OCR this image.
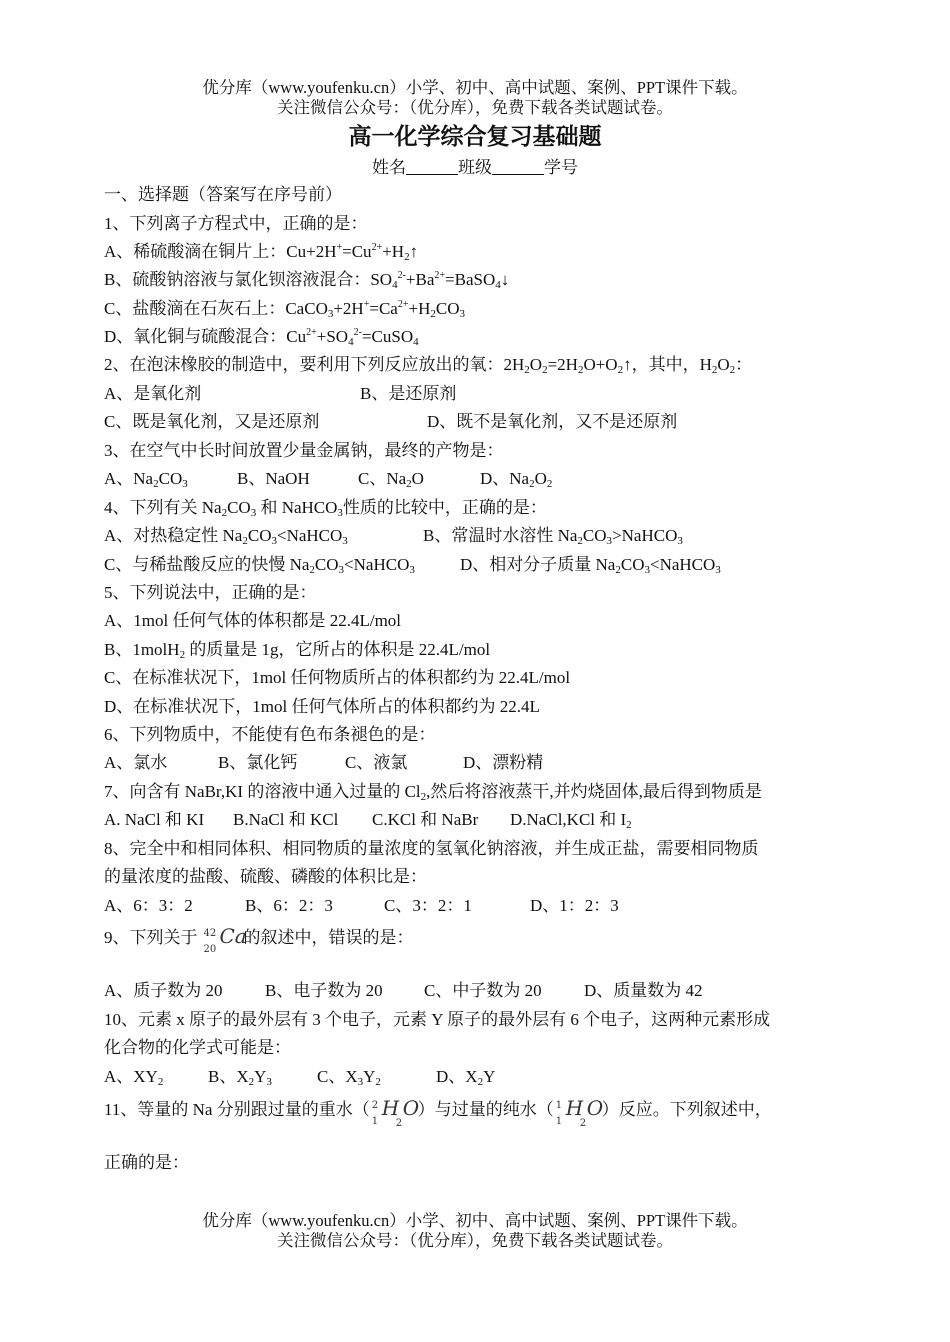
优分库（www.youfenku.cn）小学、初中、高中试题、案例、PPT课件下载。
关注微信公众号：（优分库），免费下载各类试题试卷。
高一化学综合复习基础题
姓名	班级	学号
一、选择题（答案写在序号前）
1、下列离子方程式中，正确的是：
A、稀硫酸滴在铜片上：$Cu+2H^+=Cu^{2+}+H_2↑$
B、硫酸钠溶液与氯化钡溶液混合：$SO_4^{2-}+Ba^{2+}=BaSO_4↓$
C、盐酸滴在石灰石上：$CaCO_3+2H^+=Ca^{2+}+H_2CO_3$
D、氧化铜与硫酸混合：$Cu^{2+}+SO_4^{2-}=CuSO_4$
2、在泡沫橡胶的制造中，要利用下列反应放出的氧：$2H_2O_2=2H_2O+O_2↑$，其中，$H_2O_2$：
A、是氧化剂	B、是还原剂
C、既是氧化剂，又是还原剂	D、既不是氧化剂，又不是还原剂
3、在空气中长时间放置少量金属钠，最终的产物是：
A、$Na_2CO_3$	B、NaOH	C、$Na_2O$	D、$Na_2O_2$
4、下列有关 $Na_2CO_3$ 和 NaHCO$_3$性质的比较中，正确的是：
A、对热稳定性 $Na_2CO_3<NaHCO_3$	B、常温时水溶性 $Na_2CO_3>NaHCO_3$
C、与稀盐酸反应的快慢 $Na_2CO_3<NaHCO_3$	D、相对分子质量 $Na_2CO_3<NaHCO_3$
5、下列说法中，正确的是：
A、1mol 任何气体的体积都是 22.4L/mol
B、1molH$_2$ 的质量是 1g，它所占的体积是 22.4L/mol
C、在标准状况下，1mol 任何物质所占的体积都约为 22.4L/mol
D、在标准状况下，1mol 任何气体所占的体积都约为 22.4L
6、下列物质中，不能使有色布条褪色的是：
A、氯水	B、氯化钙	C、液氯	D、漂粉精
7、向含有 NaBr,KI 的溶液中通入过量的 $Cl_2$,然后将溶液蒸干,并灼烧固体,最后得到物质是
A. NaCl 和 KI B.NaCl 和 KCl C.KCl 和 NaBr D.NaCl,KCl 和 $I_2$
8、完全中和相同体积、相同物质的量浓度的氢氧化钠溶液，并生成正盐，需要相同物质
的量浓度的盐酸、硫酸、磷酸的体积比是：
A、6：3：2	B、6：2：3	C、3：2：1	D、1：2：3
9、下列关于 42
20
Ca
的叙述中，错误的是：
A、质子数为 20 B、电子数为 20 C、中子数为 20 D、质量数为 42
10、元素 x 原子的最外层有 3 个电子，元素 Y 原子的最外层有 6 个电子，这两种元素形成
化合物的化学式可能是：
A、$XY_2$	B、$X_2Y_3$	C、$X_3Y_2$	D、$X_2Y$
11、等量的 Na 分别跟过量的重水（ 2
1
H
2
O
）与过量的纯水（ 1
1
H
2
O
）反应。下列叙述中，
正确的是：
优分库（www.youfenku.cn）小学、初中、高中试题、案例、PPT课件下载。
关注微信公众号：（优分库），免费下载各类试题试卷。
